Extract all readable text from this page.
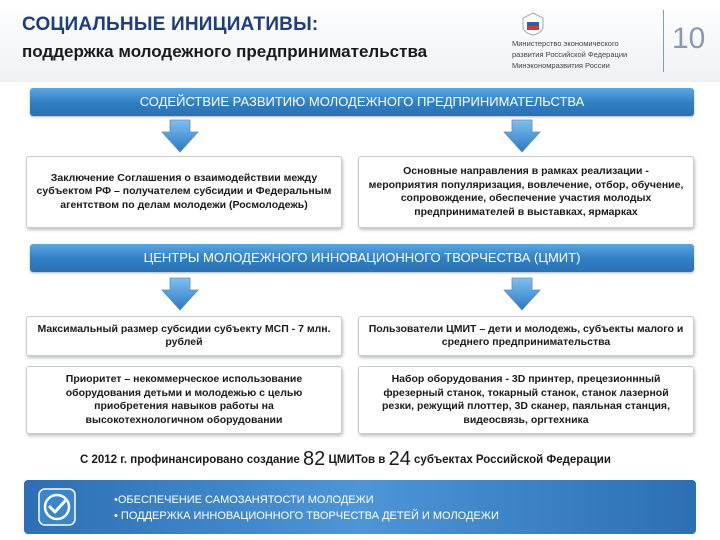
СОЦИАЛЬНЫЕ ИНИЦИАТИВЫ:
поддержка молодежного предпринимательства	Министерство экономического
развития Российской Федерации
Минэкономразвития России
10
СОДЕЙСТВИЕ РАЗВИТИЮ МОЛОДЕЖНОГО ПРЕДПРИНИМАТЕЛЬСТВА
Заключение Соглашения о взаимодействии между субъектом РФ – получателем субсидии и Федеральным агентством по делам молодежи (Росмолодежь)
Основные направления в рамках реализации - мероприятия популяризация, вовлечение, отбор, обучение, сопровождение, обеспечение участия молодых предпринимателей в выставках, ярмарках
ЦЕНТРЫ МОЛОДЕЖНОГО ИННОВАЦИОННОГО ТВОРЧЕСТВА (ЦМИТ)
Максимальный размер субсидии субъекту МСП - 7 млн. рублей
Пользователи ЦМИТ – дети и молодежь, субъекты малого и среднего предпринимательства
Приоритет – некоммерческое использование оборудования детьми и молодежью с целью приобретения навыков работы на высокотехнологичном оборудовании
Набор оборудования - 3D принтер, прецезионнный фрезерный станок, токарный станок, станок лазерной резки, режущий плоттер, 3D сканер, паяльная станция, видеосвязь, оргтехника
С 2012 г. профинансировано создание 82 ЦМИТов в 24 субъектах Российской Федерации
•ОБЕСПЕЧЕНИЕ САМОЗАНЯТОСТИ МОЛОДЕЖИ
• ПОДДЕРЖКА ИННОВАЦИОННОГО ТВОРЧЕСТВА ДЕТЕЙ И МОЛОДЕЖИ
